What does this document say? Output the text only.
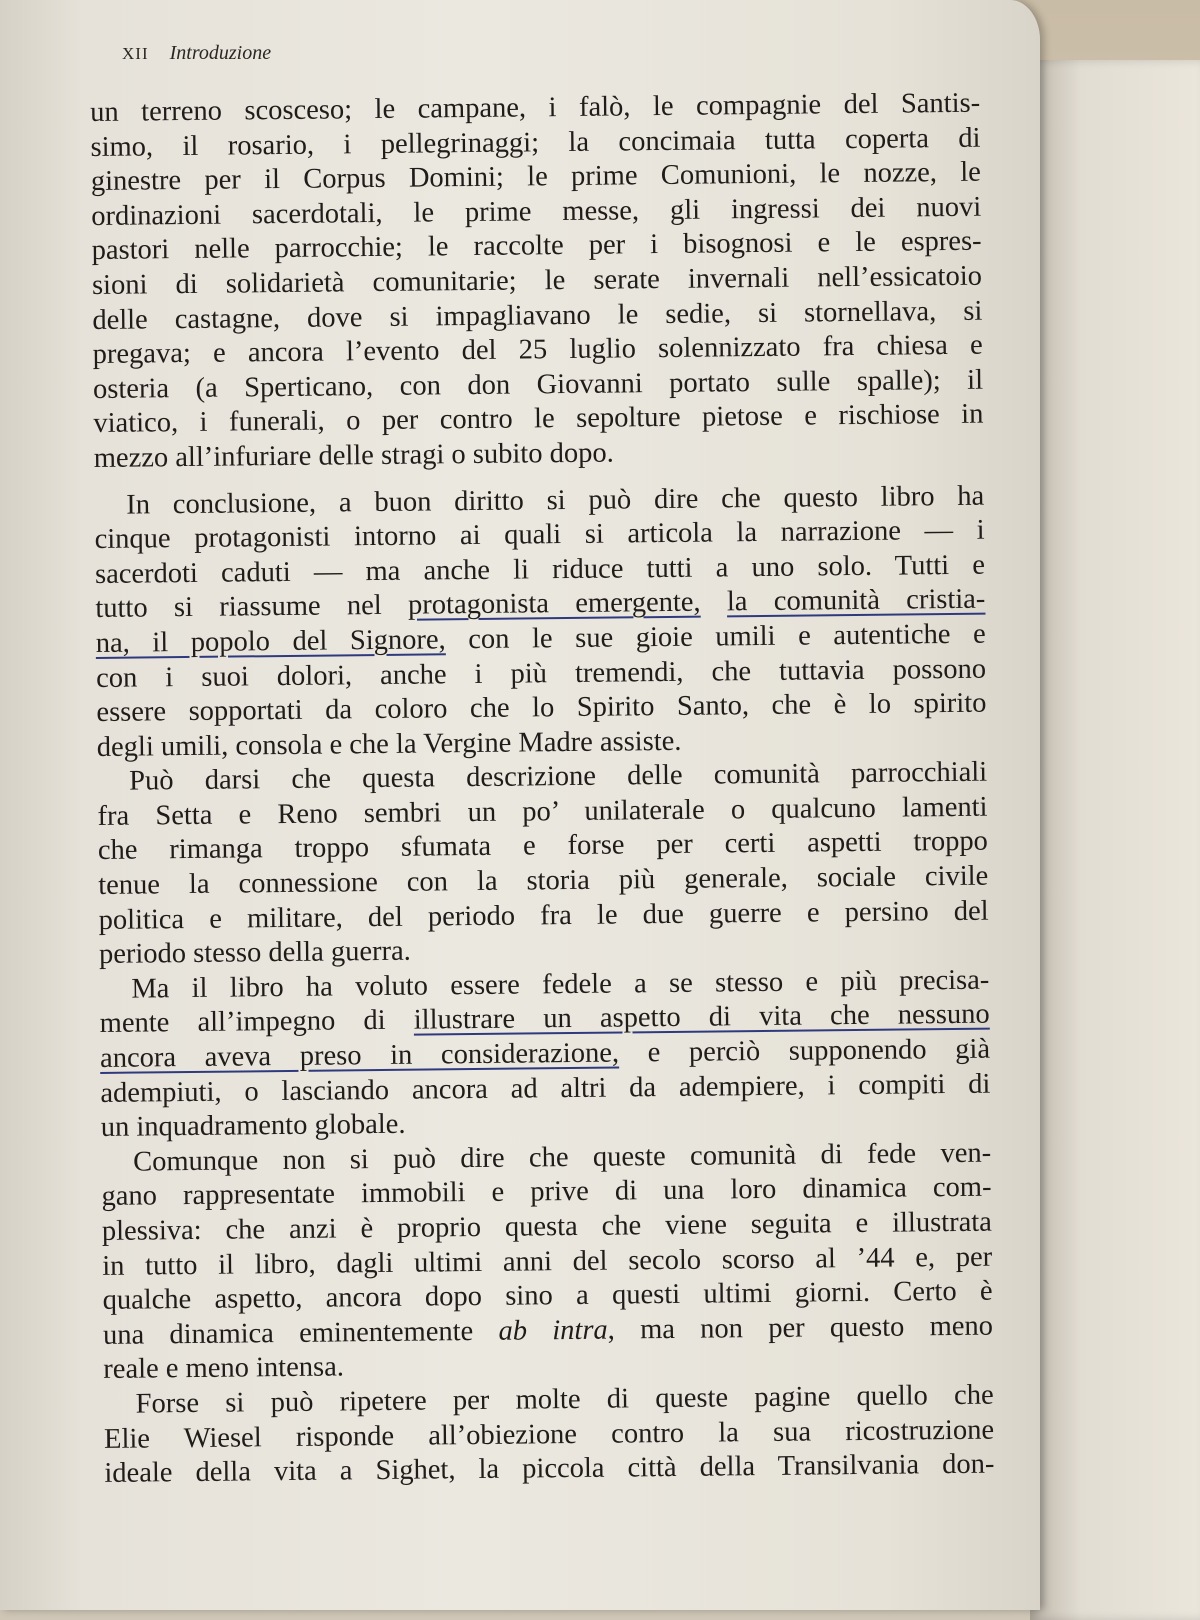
XII Introduzione
un terreno scosceso; le campane, i falò, le compagnie del Santis-
simo, il rosario, i pellegrinaggi; la concimaia tutta coperta di
ginestre per il Corpus Domini; le prime Comunioni, le nozze, le
ordinazioni sacerdotali, le prime messe, gli ingressi dei nuovi
pastori nelle parrocchie; le raccolte per i bisognosi e le espres-
sioni di solidarietà comunitarie; le serate invernali nell’essicatoio
delle castagne, dove si impagliavano le sedie, si stornellava, si
pregava; e ancora l’evento del 25 luglio solennizzato fra chiesa e
osteria (a Sperticano, con don Giovanni portato sulle spalle); il
viatico, i funerali, o per contro le sepolture pietose e rischiose in
mezzo all’infuriare delle stragi o subito dopo.
In conclusione, a buon diritto si può dire che questo libro ha
cinque protagonisti intorno ai quali si articola la narrazione — i
sacerdoti caduti — ma anche li riduce tutti a uno solo. Tutti e
tutto si riassume nel protagonista emergente, la comunità cristia-
na, il popolo del Signore, con le sue gioie umili e autentiche e
con i suoi dolori, anche i più tremendi, che tuttavia possono
essere sopportati da coloro che lo Spirito Santo, che è lo spirito
degli umili, consola e che la Vergine Madre assiste.
Può darsi che questa descrizione delle comunità parrocchiali
fra Setta e Reno sembri un po’ unilaterale o qualcuno lamenti
che rimanga troppo sfumata e forse per certi aspetti troppo
tenue la connessione con la storia più generale, sociale civile
politica e militare, del periodo fra le due guerre e persino del
periodo stesso della guerra.
Ma il libro ha voluto essere fedele a se stesso e più precisa-
mente all’impegno di illustrare un aspetto di vita che nessuno
ancora aveva preso in considerazione, e perciò supponendo già
adempiuti, o lasciando ancora ad altri da adempiere, i compiti di
un inquadramento globale.
Comunque non si può dire che queste comunità di fede ven-
gano rappresentate immobili e prive di una loro dinamica com-
plessiva: che anzi è proprio questa che viene seguita e illustrata
in tutto il libro, dagli ultimi anni del secolo scorso al ’44 e, per
qualche aspetto, ancora dopo sino a questi ultimi giorni. Certo è
una dinamica eminentemente ab intra, ma non per questo meno
reale e meno intensa.
Forse si può ripetere per molte di queste pagine quello che
Elie Wiesel risponde all’obiezione contro la sua ricostruzione
ideale della vita a Sighet, la piccola città della Transilvania don-
